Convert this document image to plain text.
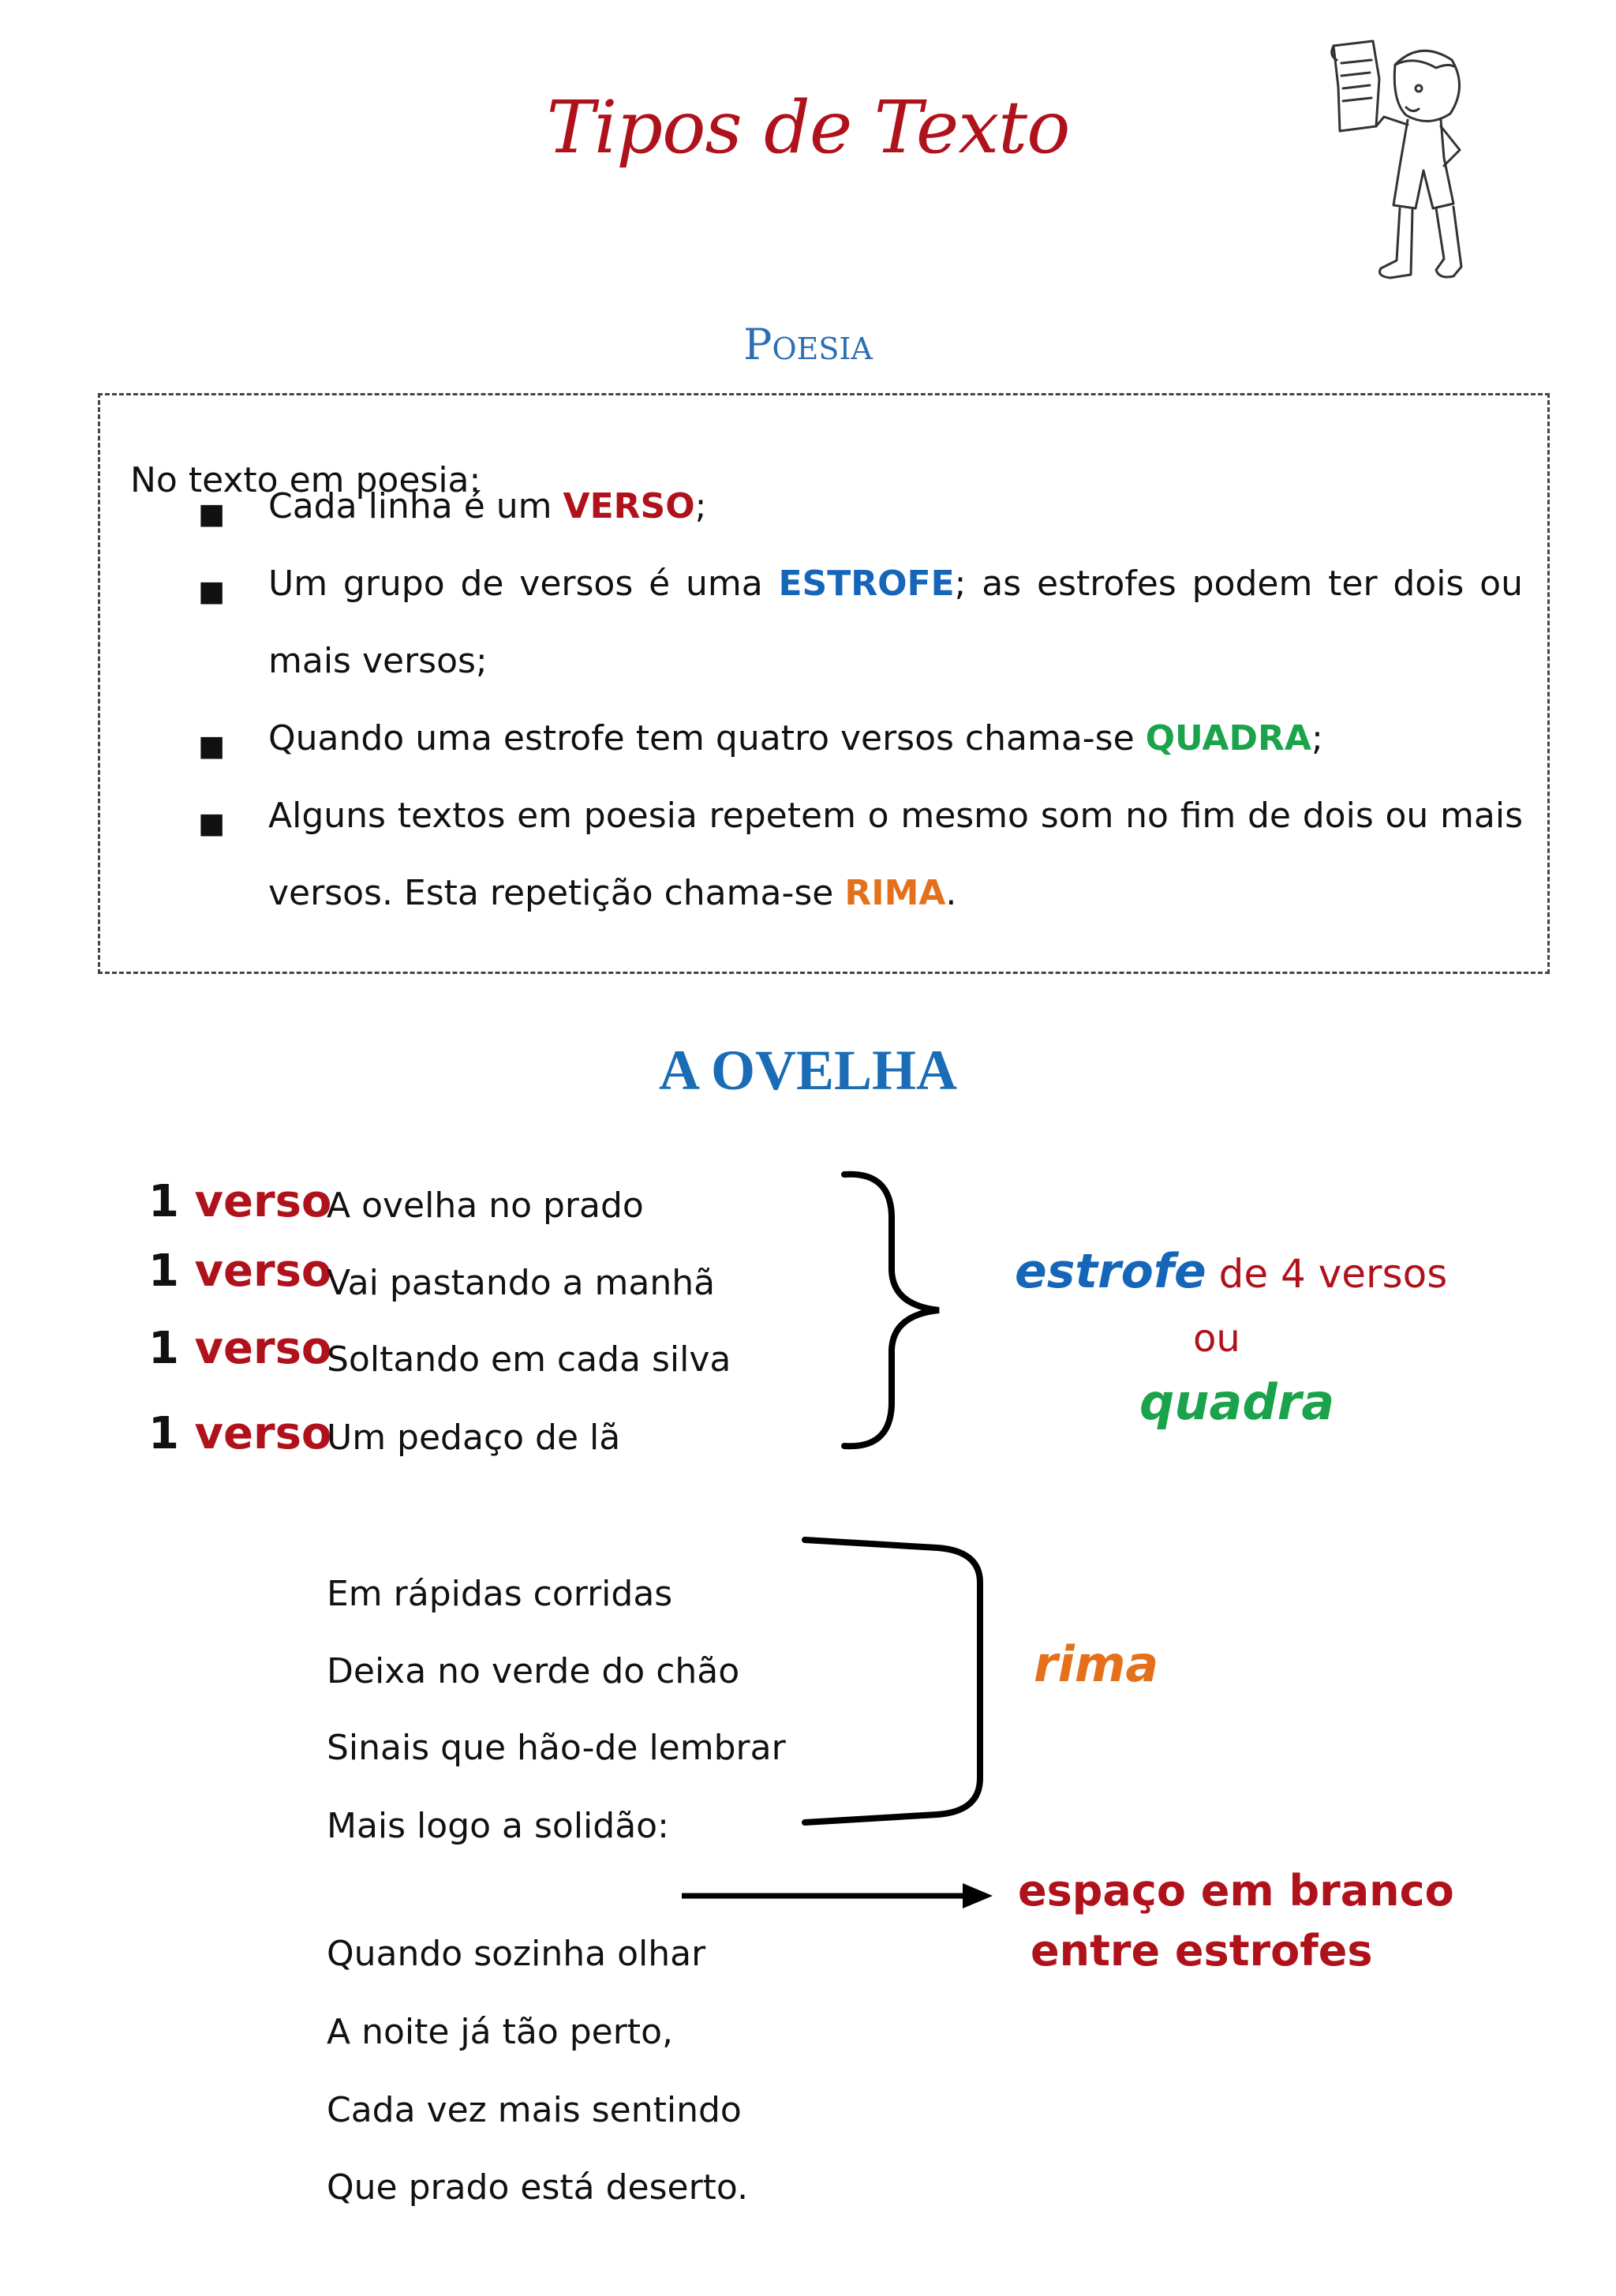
Tipos de Texto
Poesia
No texto em poesia:
■ Cada linha é um VERSO;
■ Um grupo de versos é uma ESTROFE; as estrofes podem ter dois ou mais versos;
■ Quando uma estrofe tem quatro versos chama-se QUADRA;
■ Alguns textos em poesia repetem o mesmo som no fim de dois ou mais versos. Esta repetição chama-se RIMA.
A OVELHA
1 verso
1 verso
1 verso
1 verso
A ovelha no prado
Vai pastando a manhã
Soltando em cada silva
Um pedaço de lã
Em rápidas corridas
Deixa no verde do chão
Sinais que hão-de lembrar
Mais logo a solidão:
Quando sozinha olhar
A noite já tão perto,
Cada vez mais sentindo
Que prado está deserto.
estrofe de 4 versos
ou
quadra
rima
espaço em branco
entre estrofes
